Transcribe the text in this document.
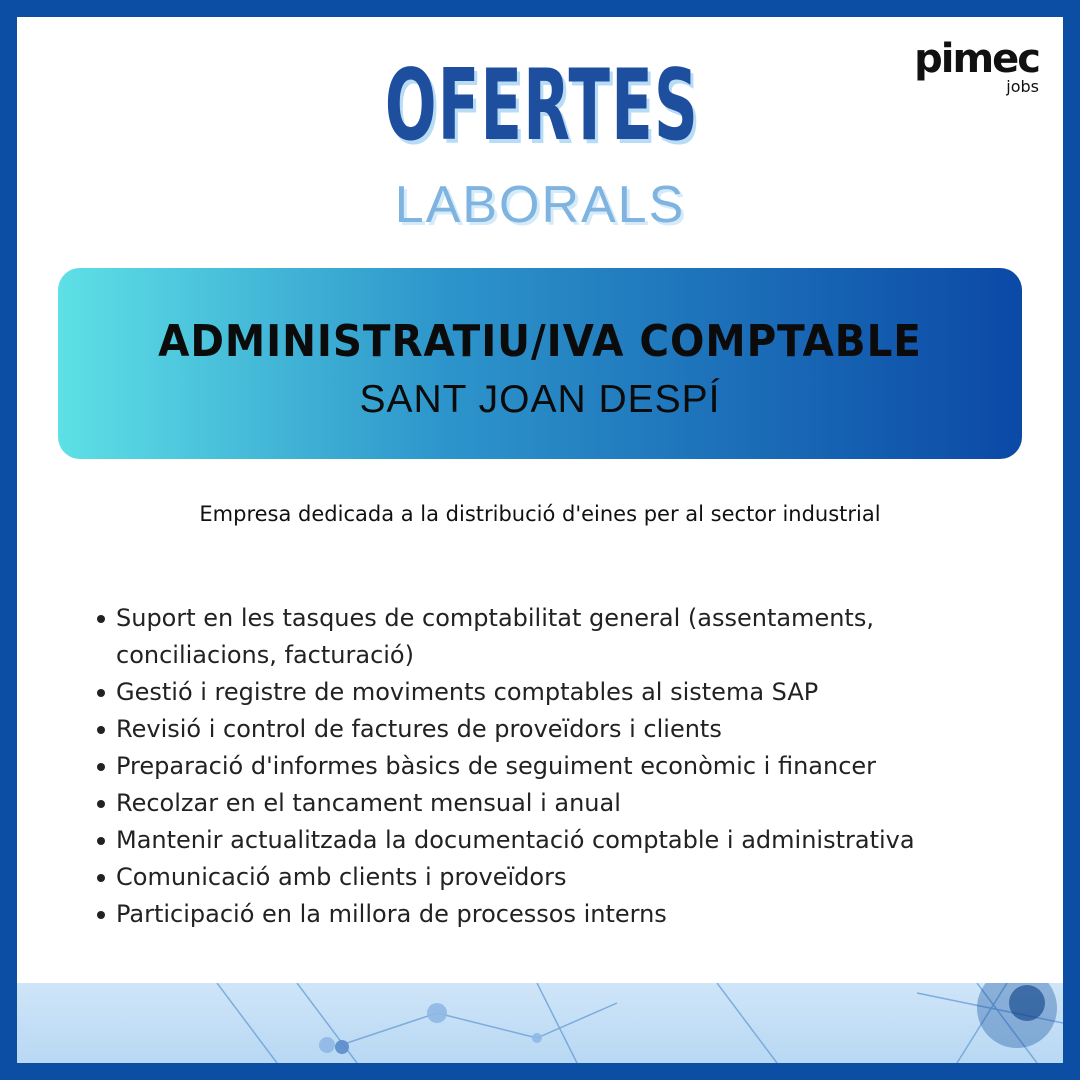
OFERTES
LABORALS
pimec
jobs
ADMINISTRATIU/IVA COMPTABLE
SANT JOAN DESPÍ
Empresa dedicada a la distribució d'eines per al sector industrial
Suport en les tasques de comptabilitat general (assentaments, conciliacions, facturació)
Gestió i registre de moviments comptables al sistema SAP
Revisió i control de factures de proveïdors i clients
Preparació d'informes bàsics de seguiment econòmic i financer
Recolzar en el tancament mensual i anual
Mantenir actualitzada la documentació comptable i administrativa
Comunicació amb clients i proveïdors
Participació en la millora de processos interns
